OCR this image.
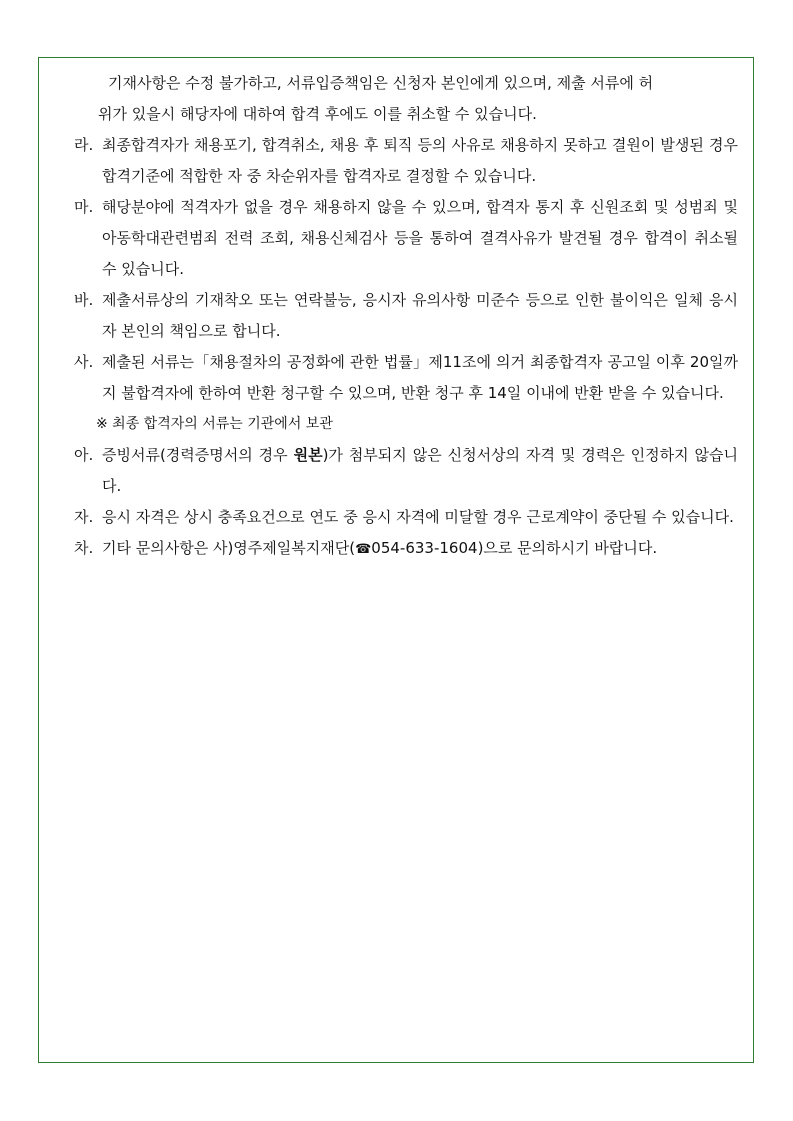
기재사항은 수정 불가하고, 서류입증책임은 신청자 본인에게 있으며, 제출 서류에 허

위가 있을시 해당자에 대하여 합격 후에도 이를 취소할 수 있습니다.

라. 최종합격자가 채용포기, 합격취소, 채용 후 퇴직 등의 사유로 채용하지 못하고 결원이 발생된 경우 합격기준에 적합한 자 중 차순위자를 합격자로 결정할 수 있습니다.

마. 해당분야에 적격자가 없을 경우 채용하지 않을 수 있으며, 합격자 통지 후 신원조회 및 성범죄 및 아동학대관련범죄 전력 조회, 채용신체검사 등을 통하여 결격사유가 발견될 경우 합격이 취소될 수 있습니다.

바. 제출서류상의 기재착오 또는 연락불능, 응시자 유의사항 미준수 등으로 인한 불이익은 일체 응시자 본인의 책임으로 합니다.

사. 제출된 서류는「채용절차의 공정화에 관한 법률」제11조에 의거 최종합격자 공고일 이후 20일까지 불합격자에 한하여 반환 청구할 수 있으며, 반환 청구 후 14일 이내에 반환 받을 수 있습니다.

※ 최종 합격자의 서류는 기관에서 보관

아. 증빙서류(경력증명서의 경우 원본)가 첨부되지 않은 신청서상의 자격 및 경력은 인정하지 않습니다.

자. 응시 자격은 상시 충족요건으로 연도 중 응시 자격에 미달할 경우 근로계약이 중단될 수 있습니다.

차. 기타 문의사항은 사)영주제일복지재단(☎054-633-1604)으로 문의하시기 바랍니다.
